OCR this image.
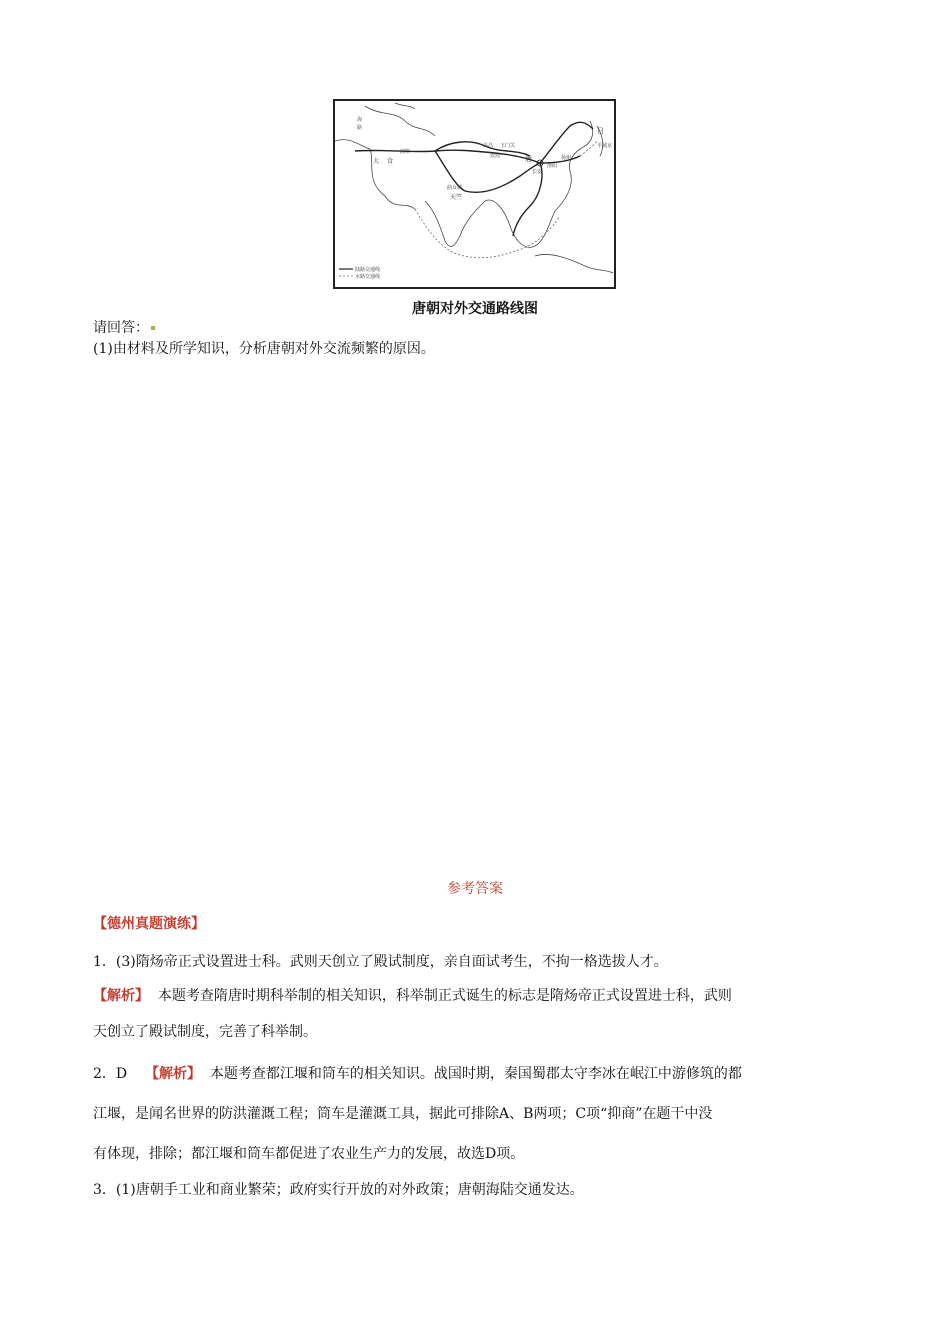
陆路交通线
水路交通线
唐
长安
洛阳
玉门关
敦煌
高昌
扬州
日
平城京
天竺
曲女城
大 食
波斯
海
路
唐朝对外交通路线图
请回答：
(1)由材料及所学知识，分析唐朝对外交流频繁的原因。
参考答案
【德州真题演练】
1．(3)隋炀帝正式设置进士科。武则天创立了殿试制度，亲自面试考生，不拘一格选拔人才。
【解析】 本题考查隋唐时期科举制的相关知识，科举制正式诞生的标志是隋炀帝正式设置进士科，武则
天创立了殿试制度，完善了科举制。
2．D 【解析】 本题考查都江堰和筒车的相关知识。战国时期，秦国蜀郡太守李冰在岷江中游修筑的都
江堰，是闻名世界的防洪灌溉工程；筒车是灌溉工具，据此可排除A、B两项；C项“抑商”在题干中没
有体现，排除；都江堰和筒车都促进了农业生产力的发展，故选D项。
3．(1)唐朝手工业和商业繁荣；政府实行开放的对外政策；唐朝海陆交通发达。
